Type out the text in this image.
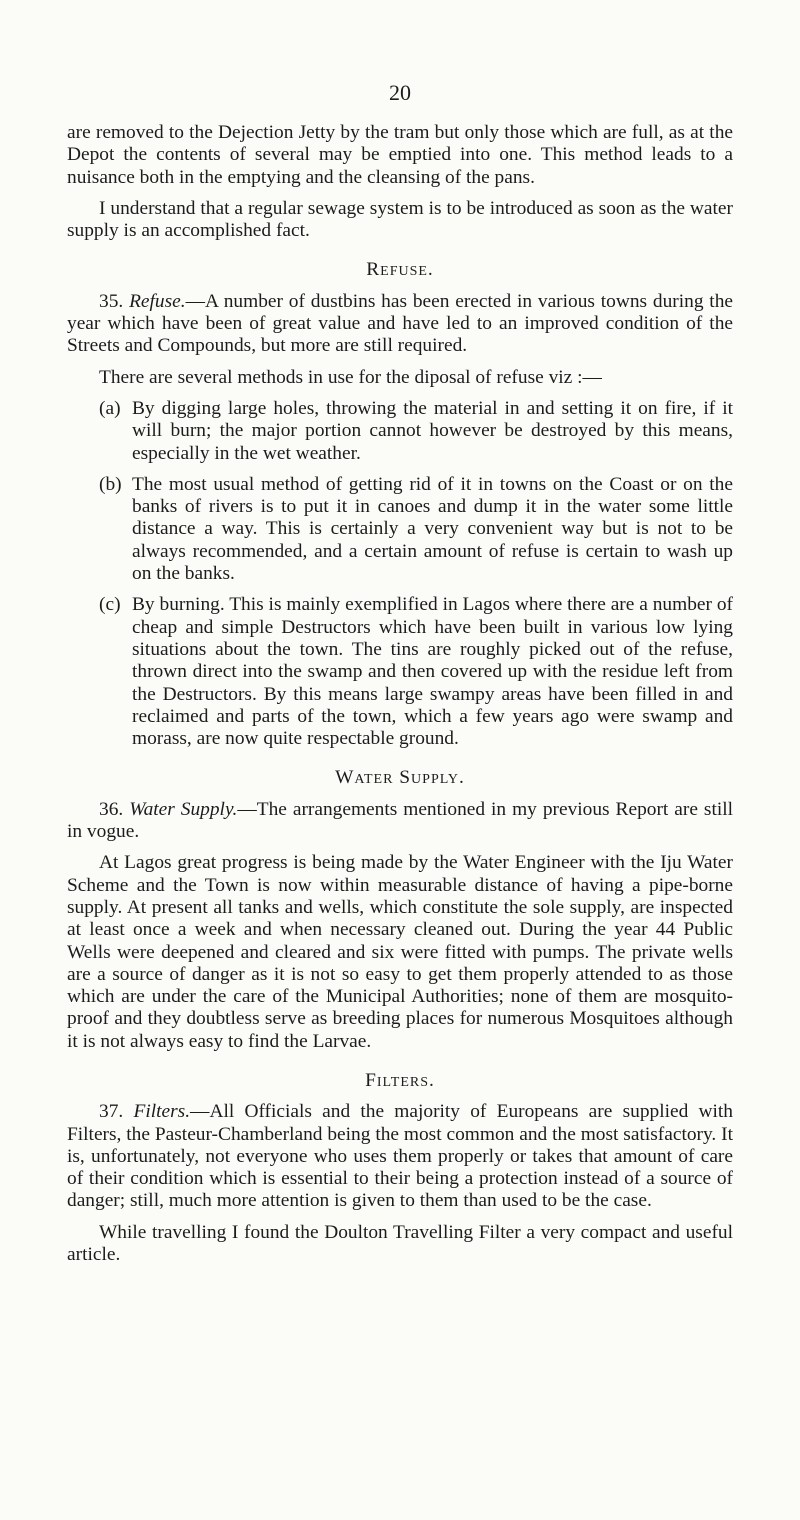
20

are removed to the Dejection Jetty by the tram but only those which are full, as at the Depot the contents of several may be emptied into one. This method leads to a nuisance both in the emptying and the cleansing of the pans.

I understand that a regular sewage system is to be introduced as soon as the water supply is an accomplished fact.

Refuse.

35. Refuse.—A number of dustbins has been erected in various towns during the year which have been of great value and have led to an improved condition of the Streets and Compounds, but more are still required.

There are several methods in use for the diposal of refuse viz :—

(a) By digging large holes, throwing the material in and setting it on fire, if it will burn; the major portion cannot however be destroyed by this means, especially in the wet weather.
(b) The most usual method of getting rid of it in towns on the Coast or on the banks of rivers is to put it in canoes and dump it in the water some little distance a way. This is certainly a very convenient way but is not to be always recommended, and a certain amount of refuse is certain to wash up on the banks.
(c) By burning. This is mainly exemplified in Lagos where there are a number of cheap and simple Destructors which have been built in various low lying situations about the town. The tins are roughly picked out of the refuse, thrown direct into the swamp and then covered up with the residue left from the Destructors. By this means large swampy areas have been filled in and reclaimed and parts of the town, which a few years ago were swamp and morass, are now quite respectable ground.
Water Supply.

36. Water Supply.—The arrangements mentioned in my previous Report are still in vogue.

At Lagos great progress is being made by the Water Engineer with the Iju Water Scheme and the Town is now within measurable distance of having a pipe-borne supply. At present all tanks and wells, which constitute the sole supply, are inspected at least once a week and when necessary cleaned out. During the year 44 Public Wells were deepened and cleared and six were fitted with pumps. The private wells are a source of danger as it is not so easy to get them properly attended to as those which are under the care of the Municipal Authorities; none of them are mosquito-proof and they doubtless serve as breeding places for numerous Mosquitoes although it is not always easy to find the Larvae.

Filters.

37. Filters.—All Officials and the majority of Europeans are supplied with Filters, the Pasteur-Chamberland being the most common and the most satisfactory. It is, unfortunately, not everyone who uses them properly or takes that amount of care of their condition which is essential to their being a protection instead of a source of danger; still, much more attention is given to them than used to be the case.

While travelling I found the Doulton Travelling Filter a very compact and useful article.
